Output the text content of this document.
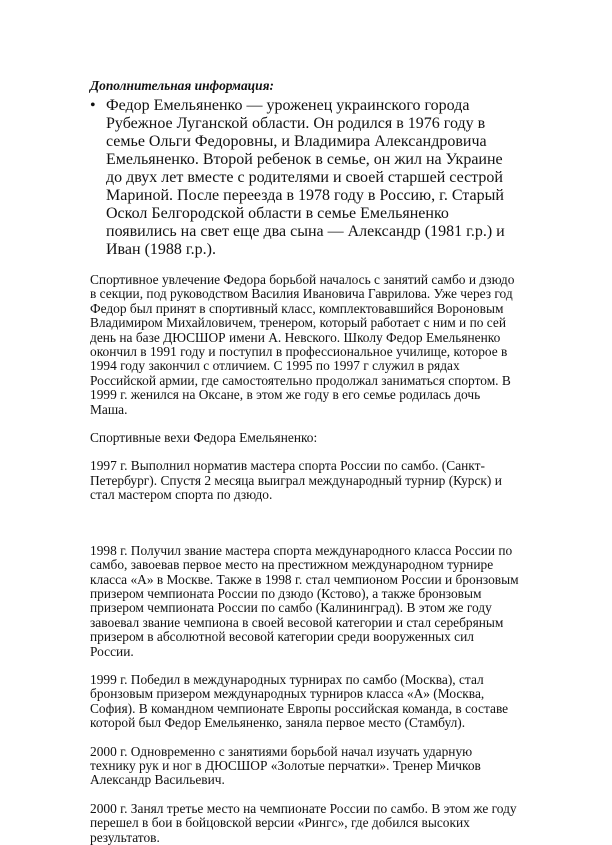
Дополнительная информация:
• Федор Емельяненко — уроженец украинского города Рубежное Луганской области. Он родился в 1976 году в семье Ольги Федоровны, и Владимира Александровича Емельяненко. Второй ребенок в семье, он жил на Украине до двух лет вместе с родителями и своей старшей сестрой Мариной. После переезда в 1978 году в Россию, г. Старый Оскол Белгородской области в семье Емельяненко появились на свет еще два сына — Александр (1981 г.р.) и Иван (1988 г.р.).

Спортивное увлечение Федора борьбой началось с занятий самбо и дзюдо в секции, под руководством Василия Ивановича Гаврилова. Уже через год Федор был принят в спортивный класс, комплектовавшийся Вороновым Владимиром Михайловичем, тренером, который работает с ним и по сей день на базе ДЮСШОР имени А. Невского. Школу Федор Емельяненко окончил в 1991 году и поступил в профессиональное училище, которое в 1994 году закончил с отличием. С 1995 по 1997 г служил в рядах Российской армии, где самостоятельно продолжал заниматься спортом. В 1999 г. женился на Оксане, в этом же году в его семье родилась дочь Маша.

Спортивные вехи Федора Емельяненко:

1997 г. Выполнил норматив мастера спорта России по самбо. (Санкт-Петербург). Спустя 2 месяца выиграл международный турнир (Курск) и стал мастером спорта по дзюдо.

1998 г. Получил звание мастера спорта международного класса России по самбо, завоевав первое место на престижном международном турнире класса «А» в Москве. Также в 1998 г. стал чемпионом России и бронзовым призером чемпионата России по дзюдо (Кстово), а также бронзовым призером чемпионата России по самбо (Калининград). В этом же году завоевал звание чемпиона в своей весовой категории и стал серебряным призером в абсолютной весовой категории среди вооруженных сил России.

1999 г. Победил в международных турнирах по самбо (Москва), стал бронзовым призером международных турниров класса «А» (Москва, София). В командном чемпионате Европы российская команда, в составе которой был Федор Емельяненко, заняла первое место (Стамбул).

2000 г. Одновременно с занятиями борьбой начал изучать ударную технику рук и ног в ДЮСШОР «Золотые перчатки». Тренер Мичков Александр Васильевич.

2000 г. Занял третье место на чемпионате России по самбо. В этом же году перешел в бои в бойцовской версии «Рингс», где добился высоких результатов.
